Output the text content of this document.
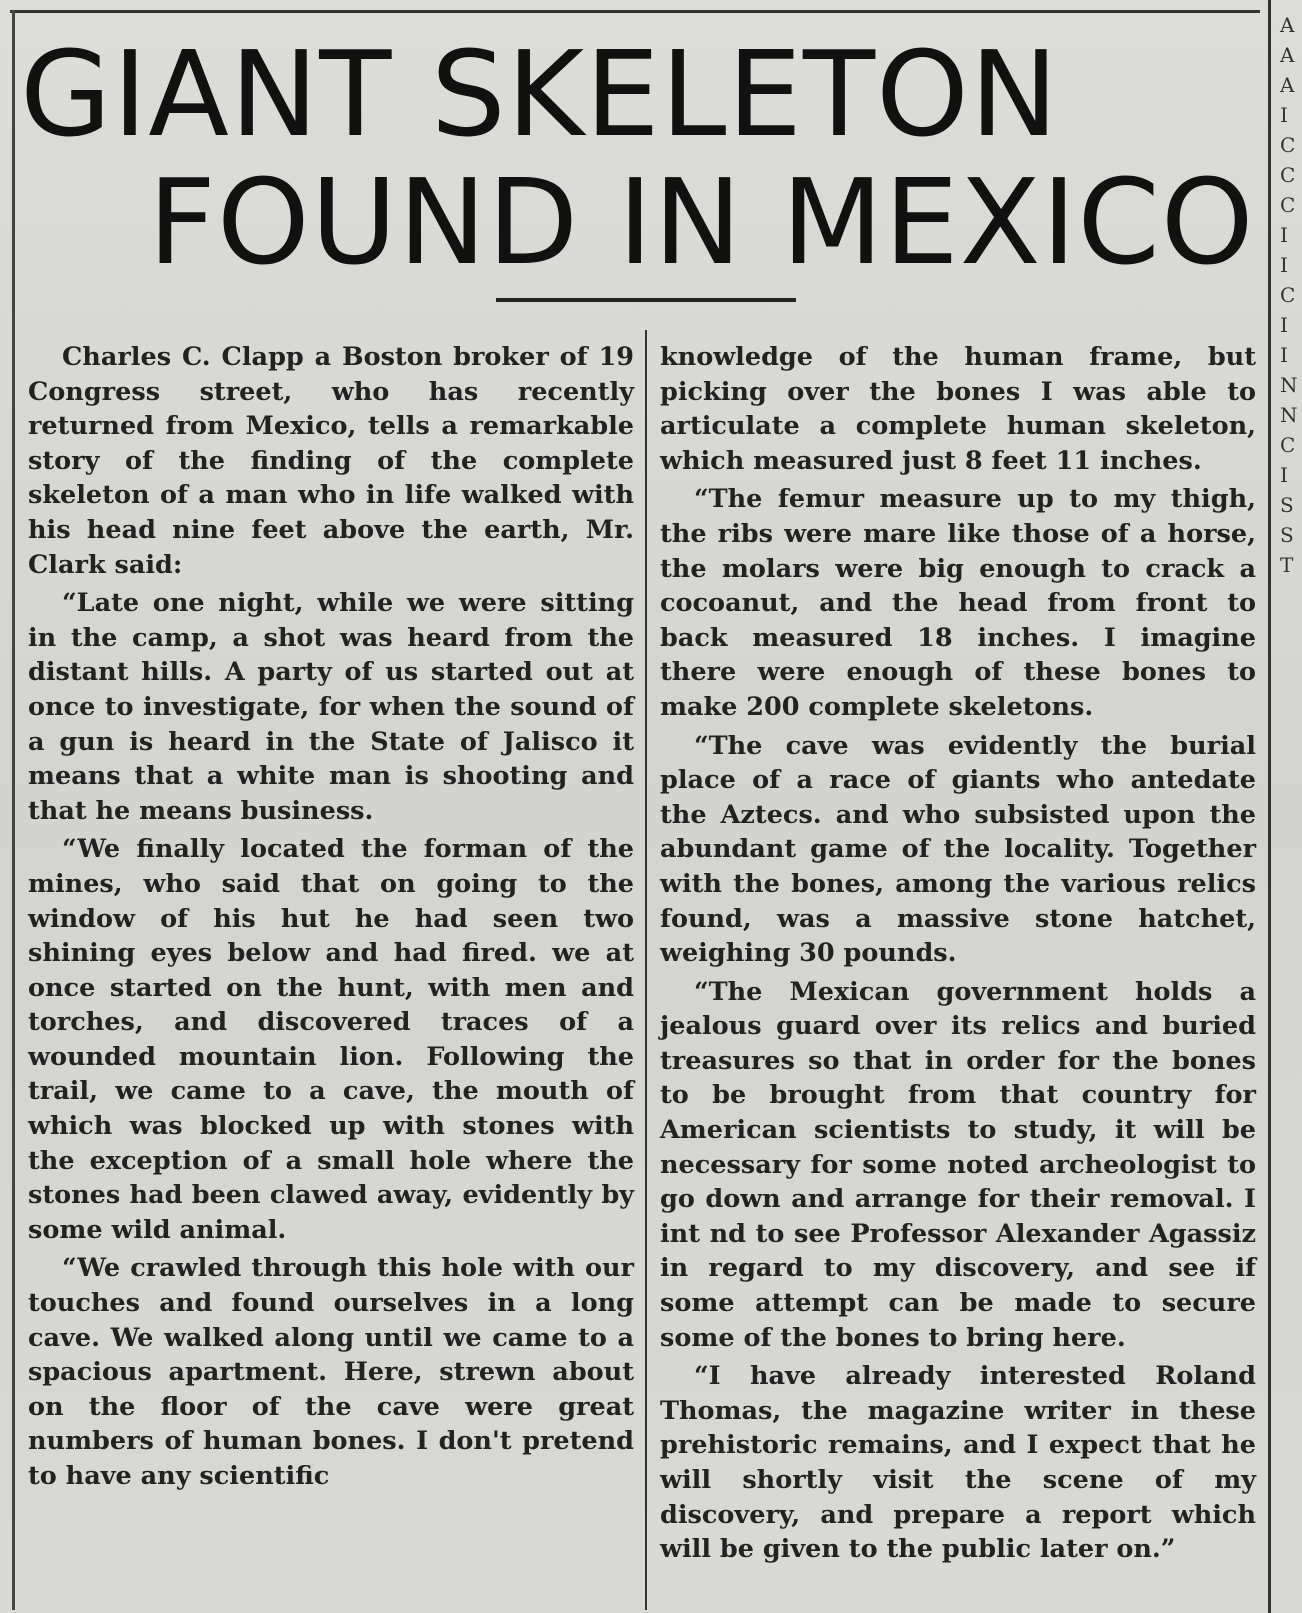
GIANT SKELETON
FOUND IN MEXICO

Charles C. Clapp a Boston broker of 19 Congress street, who has recently returned from Mexico, tells a remarkable story of the finding of the complete skeleton of a man who in life walked with his head nine feet above the earth, Mr. Clark said:

“Late one night, while we were sitting in the camp, a shot was heard from the distant hills. A party of us started out at once to investigate, for when the sound of a gun is heard in the State of Jalisco it means that a white man is shooting and that he means business.

“We finally located the forman of the mines, who said that on going to the window of his hut he had seen two shining eyes below and had fired. we at once started on the hunt, with men and torches, and discovered traces of a wounded mountain lion. Following the trail, we came to a cave, the mouth of which was blocked up with stones with the exception of a small hole where the stones had been clawed away, evidently by some wild animal.

“We crawled through this hole with our touches and found ourselves in a long cave. We walked along until we came to a spacious apartment. Here, strewn about on the floor of the cave were great numbers of human bones. I don't pretend to have any scientific

knowledge of the human frame, but picking over the bones I was able to articulate a complete human skeleton, which measured just 8 feet 11 inches.

“The femur measure up to my thigh, the ribs were mare like those of a horse, the molars were big enough to crack a cocoanut, and the head from front to back measured 18 inches. I imagine there were enough of these bones to make 200 complete skeletons.

“The cave was evidently the burial place of a race of giants who antedate the Aztecs. and who subsisted upon the abundant game of the locality. Together with the bones, among the various relics found, was a massive stone hatchet, weighing 30 pounds.

“The Mexican government holds a jealous guard over its relics and buried treasures so that in order for the bones to be brought from that country for American scientists to study, it will be necessary for some noted archeologist to go down and arrange for their removal. I int nd to see Professor Alexander Agassiz in regard to my discovery, and see if some attempt can be made to secure some of the bones to bring here.

“I have already interested Roland Thomas, the magazine writer in these prehistoric remains, and I expect that he will shortly visit the scene of my discovery, and prepare a report which will be given to the public later on.”

A A A I C C C I I C I I N N C I S S T
